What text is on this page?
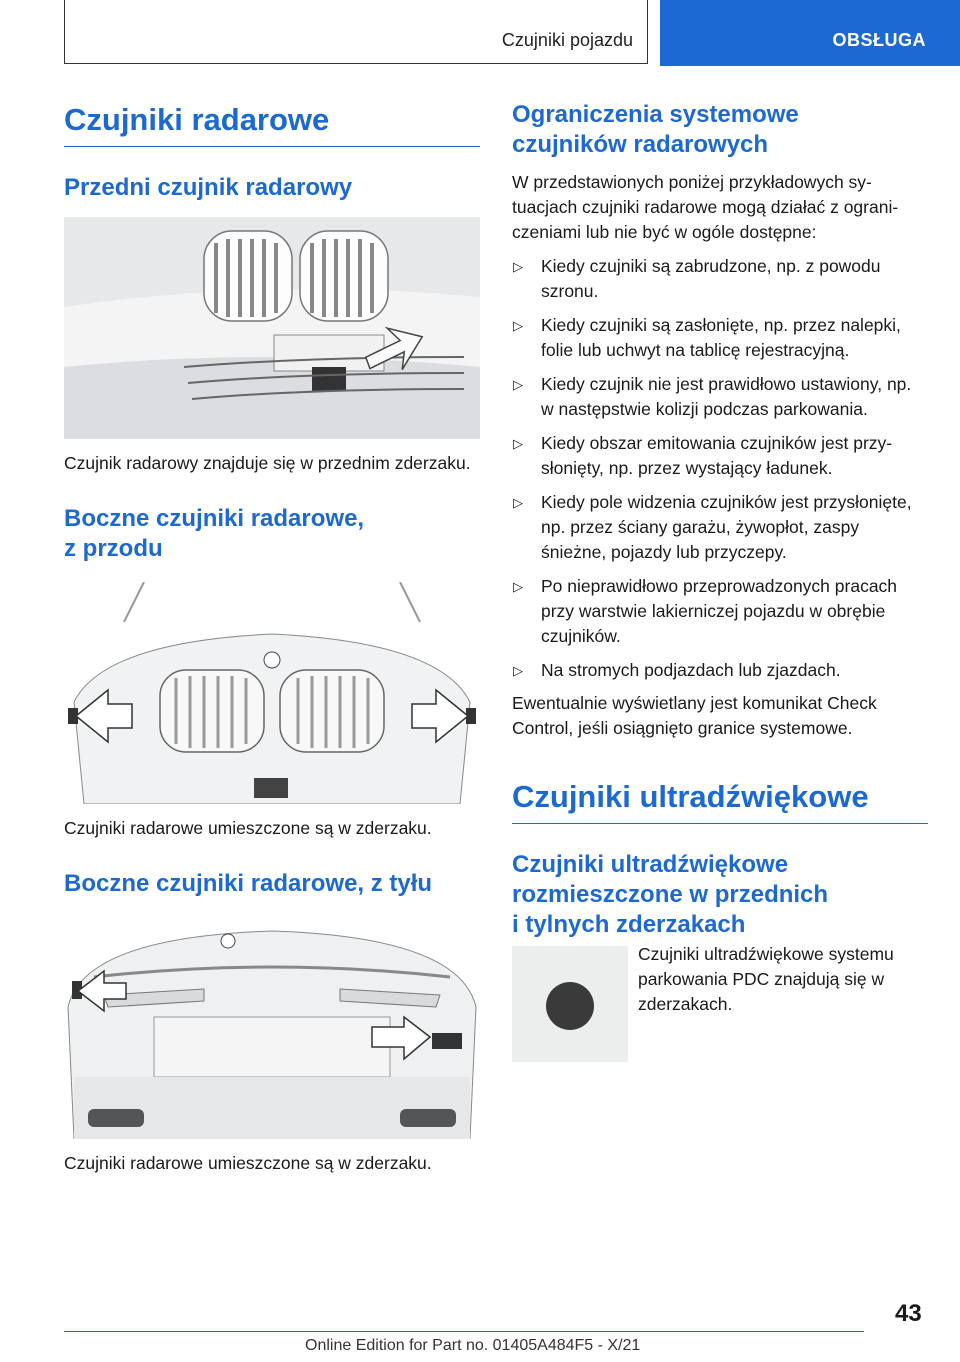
Czujniki pojazdu	OBSŁUGA
Czujniki radarowe
Przedni czujnik radarowy

Czujnik radarowy znajduje się w przednim zderzaku.

Boczne czujniki radarowe,
z przodu

Czujniki radarowe umieszczone są w zderzaku.

Boczne czujniki radarowe, z tyłu

Czujniki radarowe umieszczone są w zderzaku.

Ograniczenia systemowe
czujników radarowych

W przedstawionych poniżej przykładowych sytuacjach czujniki radarowe mogą działać z ograniczeniami lub nie być w ogóle dostępne:

▷ Kiedy czujniki są zabrudzone, np. z powodu szronu.
▷ Kiedy czujniki są zasłonięte, np. przez nalepki, folie lub uchwyt na tablicę rejestracyjną.
▷ Kiedy czujnik nie jest prawidłowo ustawiony, np. w następstwie kolizji podczas parkowania.
▷ Kiedy obszar emitowania czujników jest przysłonięty, np. przez wystający ładunek.
▷ Kiedy pole widzenia czujników jest przysłonięte, np. przez ściany garażu, żywopłot, zaspy śnieżne, pojazdy lub przyczepy.
▷ Po nieprawidłowo przeprowadzonych pracach przy warstwie lakierniczej pojazdu w obrębie czujników.
▷ Na stromych podjazdach lub zjazdach.

Ewentualnie wyświetlany jest komunikat Check Control, jeśli osiągnięto granice systemowe.

Czujniki ultradźwiękowe
Czujniki ultradźwiękowe
rozmieszczone w przednich
i tylnych zderzakach

Czujniki ultradźwiękowe systemu parkowania PDC znajdują się w zderzakach.

43
Online Edition for Part no. 01405A484F5 - X/21
